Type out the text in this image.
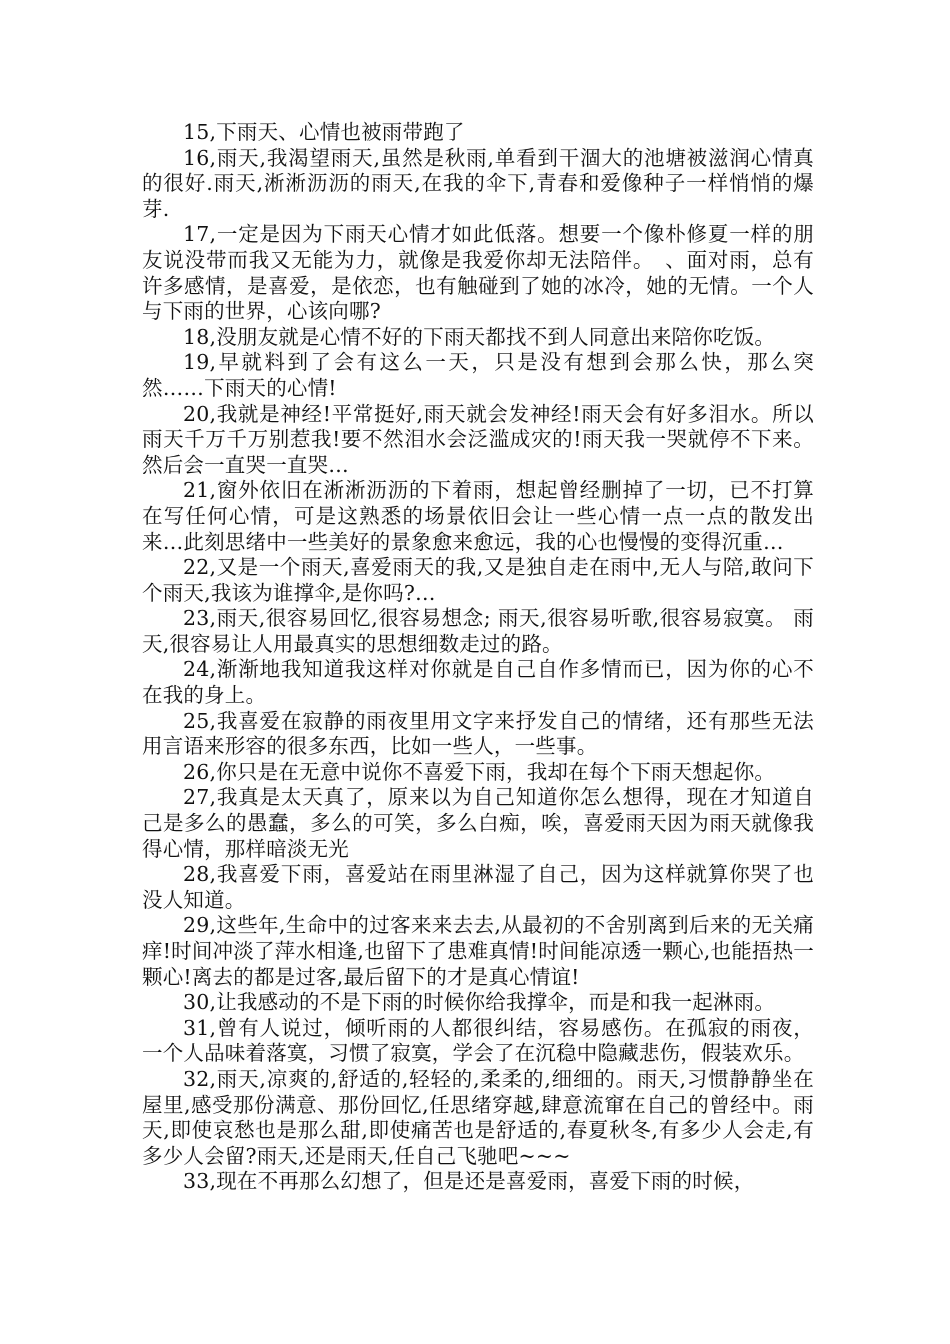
15,下雨天、心情也被雨带跑了

16,雨天,我渴望雨天,虽然是秋雨,单看到干涸大的池塘被滋润心情真的很好.雨天,淅淅沥沥的雨天,在我的伞下,青春和爱像种子一样悄悄的爆芽.

17,一定是因为下雨天心情才如此低落。想要一个像朴修夏一样的朋友说没带而我又无能为力，就像是我爱你却无法陪伴。　、面对雨，总有许多感情，是喜爱，是依恋，也有触碰到了她的冰冷，她的无情。一个人与下雨的世界，心该向哪?

18,没朋友就是心情不好的下雨天都找不到人同意出来陪你吃饭。

19,早就料到了会有这么一天，只是没有想到会那么快，那么突然……下雨天的心情!

20,我就是神经!平常挺好,雨天就会发神经!雨天会有好多泪水。所以雨天千万千万别惹我!要不然泪水会泛滥成灾的!雨天我一哭就停不下来。然后会一直哭一直哭…

21,窗外依旧在淅淅沥沥的下着雨，想起曾经删掉了一切，已不打算在写任何心情，可是这熟悉的场景依旧会让一些心情一点一点的散发出来…此刻思绪中一些美好的景象愈来愈远，我的心也慢慢的变得沉重…

22,又是一个雨天,喜爱雨天的我,又是独自走在雨中,无人与陪,敢问下个雨天,我该为谁撑伞,是你吗?…

23,雨天,很容易回忆,很容易想念; 雨天,很容易听歌,很容易寂寞。 雨天,很容易让人用最真实的思想细数走过的路。

24,渐渐地我知道我这样对你就是自己自作多情而已，因为你的心不在我的身上。

25,我喜爱在寂静的雨夜里用文字来抒发自己的情绪，还有那些无法用言语来形容的很多东西，比如一些人，一些事。

26,你只是在无意中说你不喜爱下雨，我却在每个下雨天想起你。

27,我真是太天真了，原来以为自己知道你怎么想得，现在才知道自己是多么的愚蠢，多么的可笑，多么白痴，唉，喜爱雨天因为雨天就像我得心情，那样暗淡无光

28,我喜爱下雨，喜爱站在雨里淋湿了自己，因为这样就算你哭了也没人知道。

29,这些年,生命中的过客来来去去,从最初的不舍别离到后来的无关痛痒!时间冲淡了萍水相逢,也留下了患难真情!时间能凉透一颗心,也能捂热一颗心!离去的都是过客,最后留下的才是真心情谊!

30,让我感动的不是下雨的时候你给我撑伞，而是和我一起淋雨。

31,曾有人说过，倾听雨的人都很纠结，容易感伤。在孤寂的雨夜，一个人品味着落寞，习惯了寂寞，学会了在沉稳中隐藏悲伤，假装欢乐。

32,雨天,凉爽的,舒适的,轻轻的,柔柔的,细细的。雨天,习惯静静坐在屋里,感受那份满意、那份回忆,任思绪穿越,肆意流窜在自己的曾经中。雨天,即使哀愁也是那么甜,即使痛苦也是舒适的,春夏秋冬,有多少人会走,有多少人会留?雨天,还是雨天,任自己飞驰吧~~~

33,现在不再那么幻想了，但是还是喜爱雨，喜爱下雨的时候，
